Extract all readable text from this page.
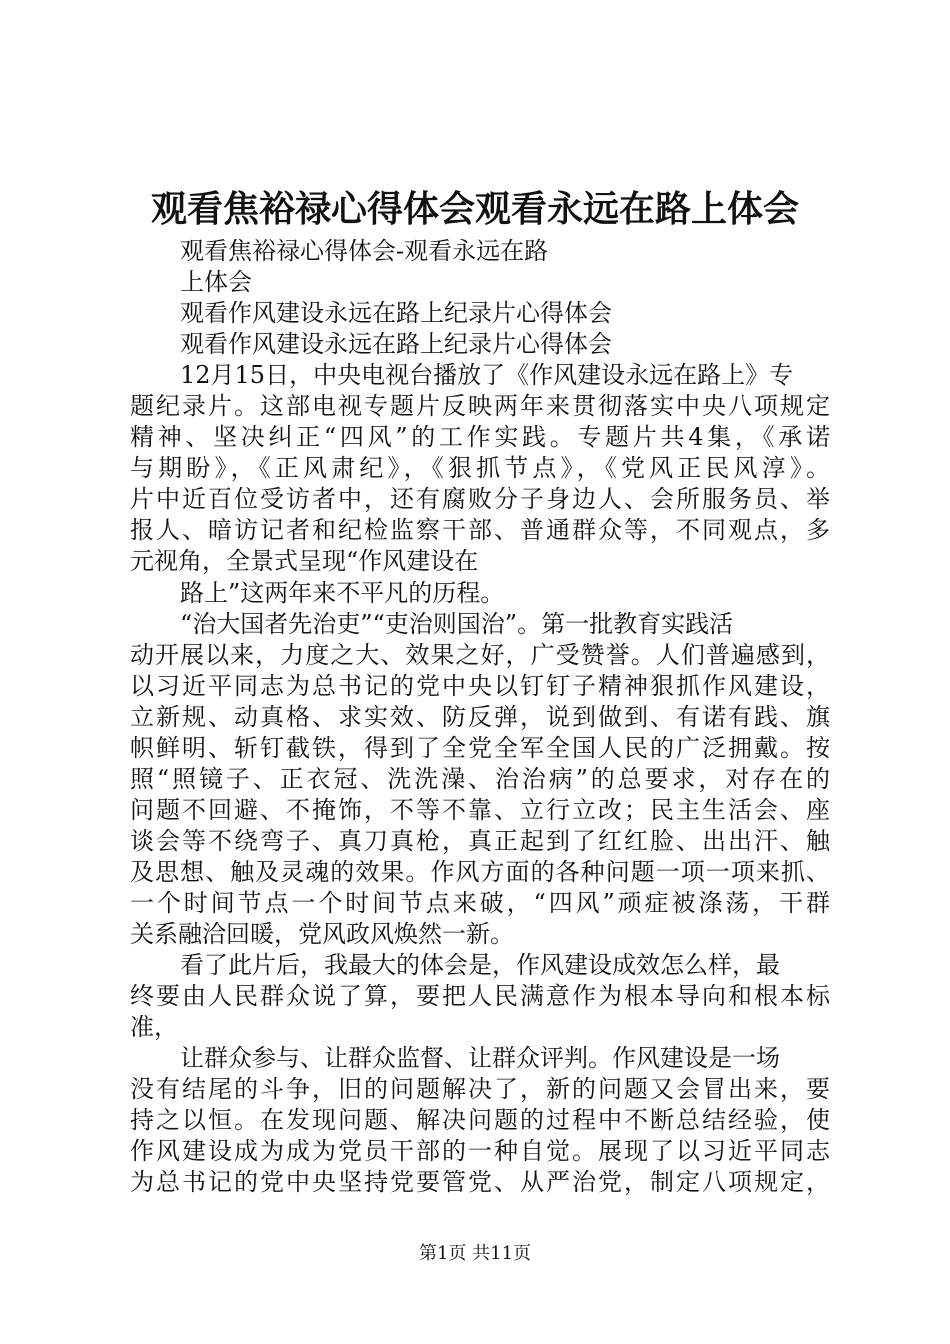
观看焦裕禄心得体会观看永远在路上体会
观看焦裕禄心得体会-观看永远在路
上体会
观看作风建设永远在路上纪录片心得体会
观看作风建设永远在路上纪录片心得体会
12月15日，中央电视台播放了《作风建设永远在路上》专
题纪录片。这部电视专题片反映两年来贯彻落实中央八项规定
精神、坚决纠正“四风”的工作实践。专题片共4集，《承诺
与期盼》，《正风肃纪》，《狠抓节点》，《党风正民风淳》。
片中近百位受访者中，还有腐败分子身边人、会所服务员、举
报人、暗访记者和纪检监察干部、普通群众等，不同观点，多
元视角，全景式呈现“作风建设在
路上”这两年来不平凡的历程。
“治大国者先治吏”“吏治则国治”。第一批教育实践活
动开展以来，力度之大、效果之好，广受赞誉。人们普遍感到，
以习近平同志为总书记的党中央以钉钉子精神狠抓作风建设，
立新规、动真格、求实效、防反弹，说到做到、有诺有践、旗
帜鲜明、斩钉截铁，得到了全党全军全国人民的广泛拥戴。按
照“照镜子、正衣冠、洗洗澡、治治病”的总要求，对存在的
问题不回避、不掩饰，不等不靠、立行立改；民主生活会、座
谈会等不绕弯子、真刀真枪，真正起到了红红脸、出出汗、触
及思想、触及灵魂的效果。作风方面的各种问题一项一项来抓、
一个时间节点一个时间节点来破，“四风”顽症被涤荡，干群
关系融洽回暖，党风政风焕然一新。
看了此片后，我最大的体会是，作风建设成效怎么样，最
终要由人民群众说了算，要把人民满意作为根本导向和根本标
准，
让群众参与、让群众监督、让群众评判。作风建设是一场
没有结尾的斗争，旧的问题解决了，新的问题又会冒出来，要
持之以恒。在发现问题、解决问题的过程中不断总结经验，使
作风建设成为成为党员干部的一种自觉。展现了以习近平同志
为总书记的党中央坚持党要管党、从严治党，制定八项规定，
第1页 共11页
